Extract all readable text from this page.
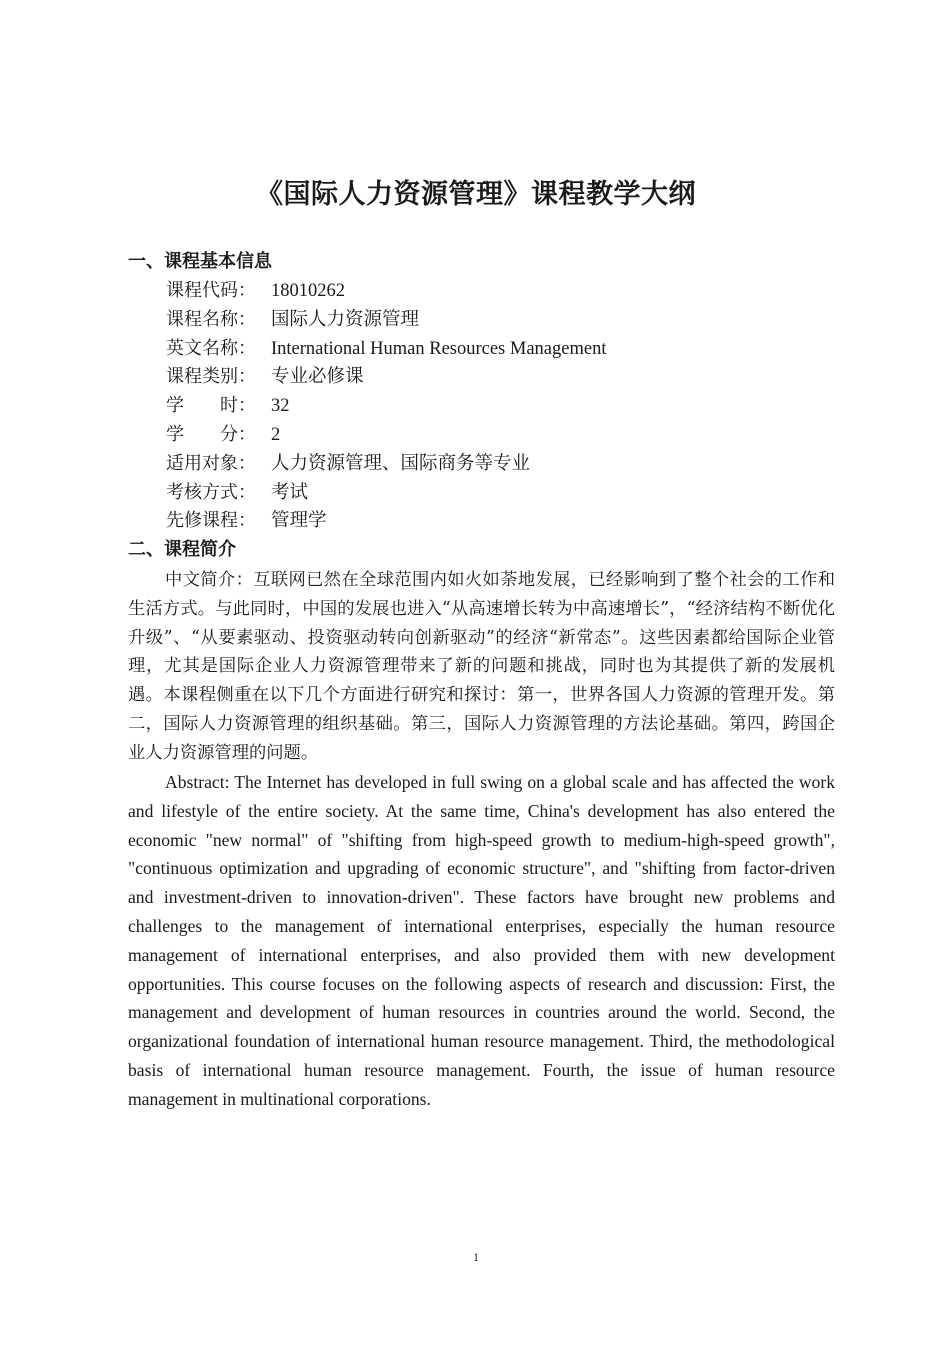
《国际人力资源管理》课程教学大纲
一、课程基本信息
课程代码： 18010262
课程名称： 国际人力资源管理
英文名称： International Human Resources Management
课程类别： 专业必修课
学　　时： 32
学　　分： 2
适用对象： 人力资源管理、国际商务等专业
考核方式： 考试
先修课程： 管理学
二、课程简介

中文简介：互联网已然在全球范围内如火如荼地发展，已经影响到了整个社会的工作和生活方式。与此同时，中国的发展也进入“从高速增长转为中高速增长”，“经济结构不断优化升级”、“从要素驱动、投资驱动转向创新驱动”的经济“新常态”。这些因素都给国际企业管理，尤其是国际企业人力资源管理带来了新的问题和挑战，同时也为其提供了新的发展机遇。本课程侧重在以下几个方面进行研究和探讨：第一，世界各国人力资源的管理开发。第二，国际人力资源管理的组织基础。第三，国际人力资源管理的方法论基础。第四，跨国企业人力资源管理的问题。

Abstract: The Internet has developed in full swing on a global scale and has affected the work and lifestyle of the entire society. At the same time, China's development has also entered the economic "new normal" of "shifting from high-speed growth to medium-high-speed growth", "continuous optimization and upgrading of economic structure", and "shifting from factor-driven and investment-driven to innovation-driven". These factors have brought new problems and challenges to the management of international enterprises, especially the human resource management of international enterprises, and also provided them with new development opportunities. This course focuses on the following aspects of research and discussion: First, the management and development of human resources in countries around the world. Second, the organizational foundation of international human resource management. Third, the methodological basis of international human resource management. Fourth, the issue of human resource management in multinational corporations.

1
